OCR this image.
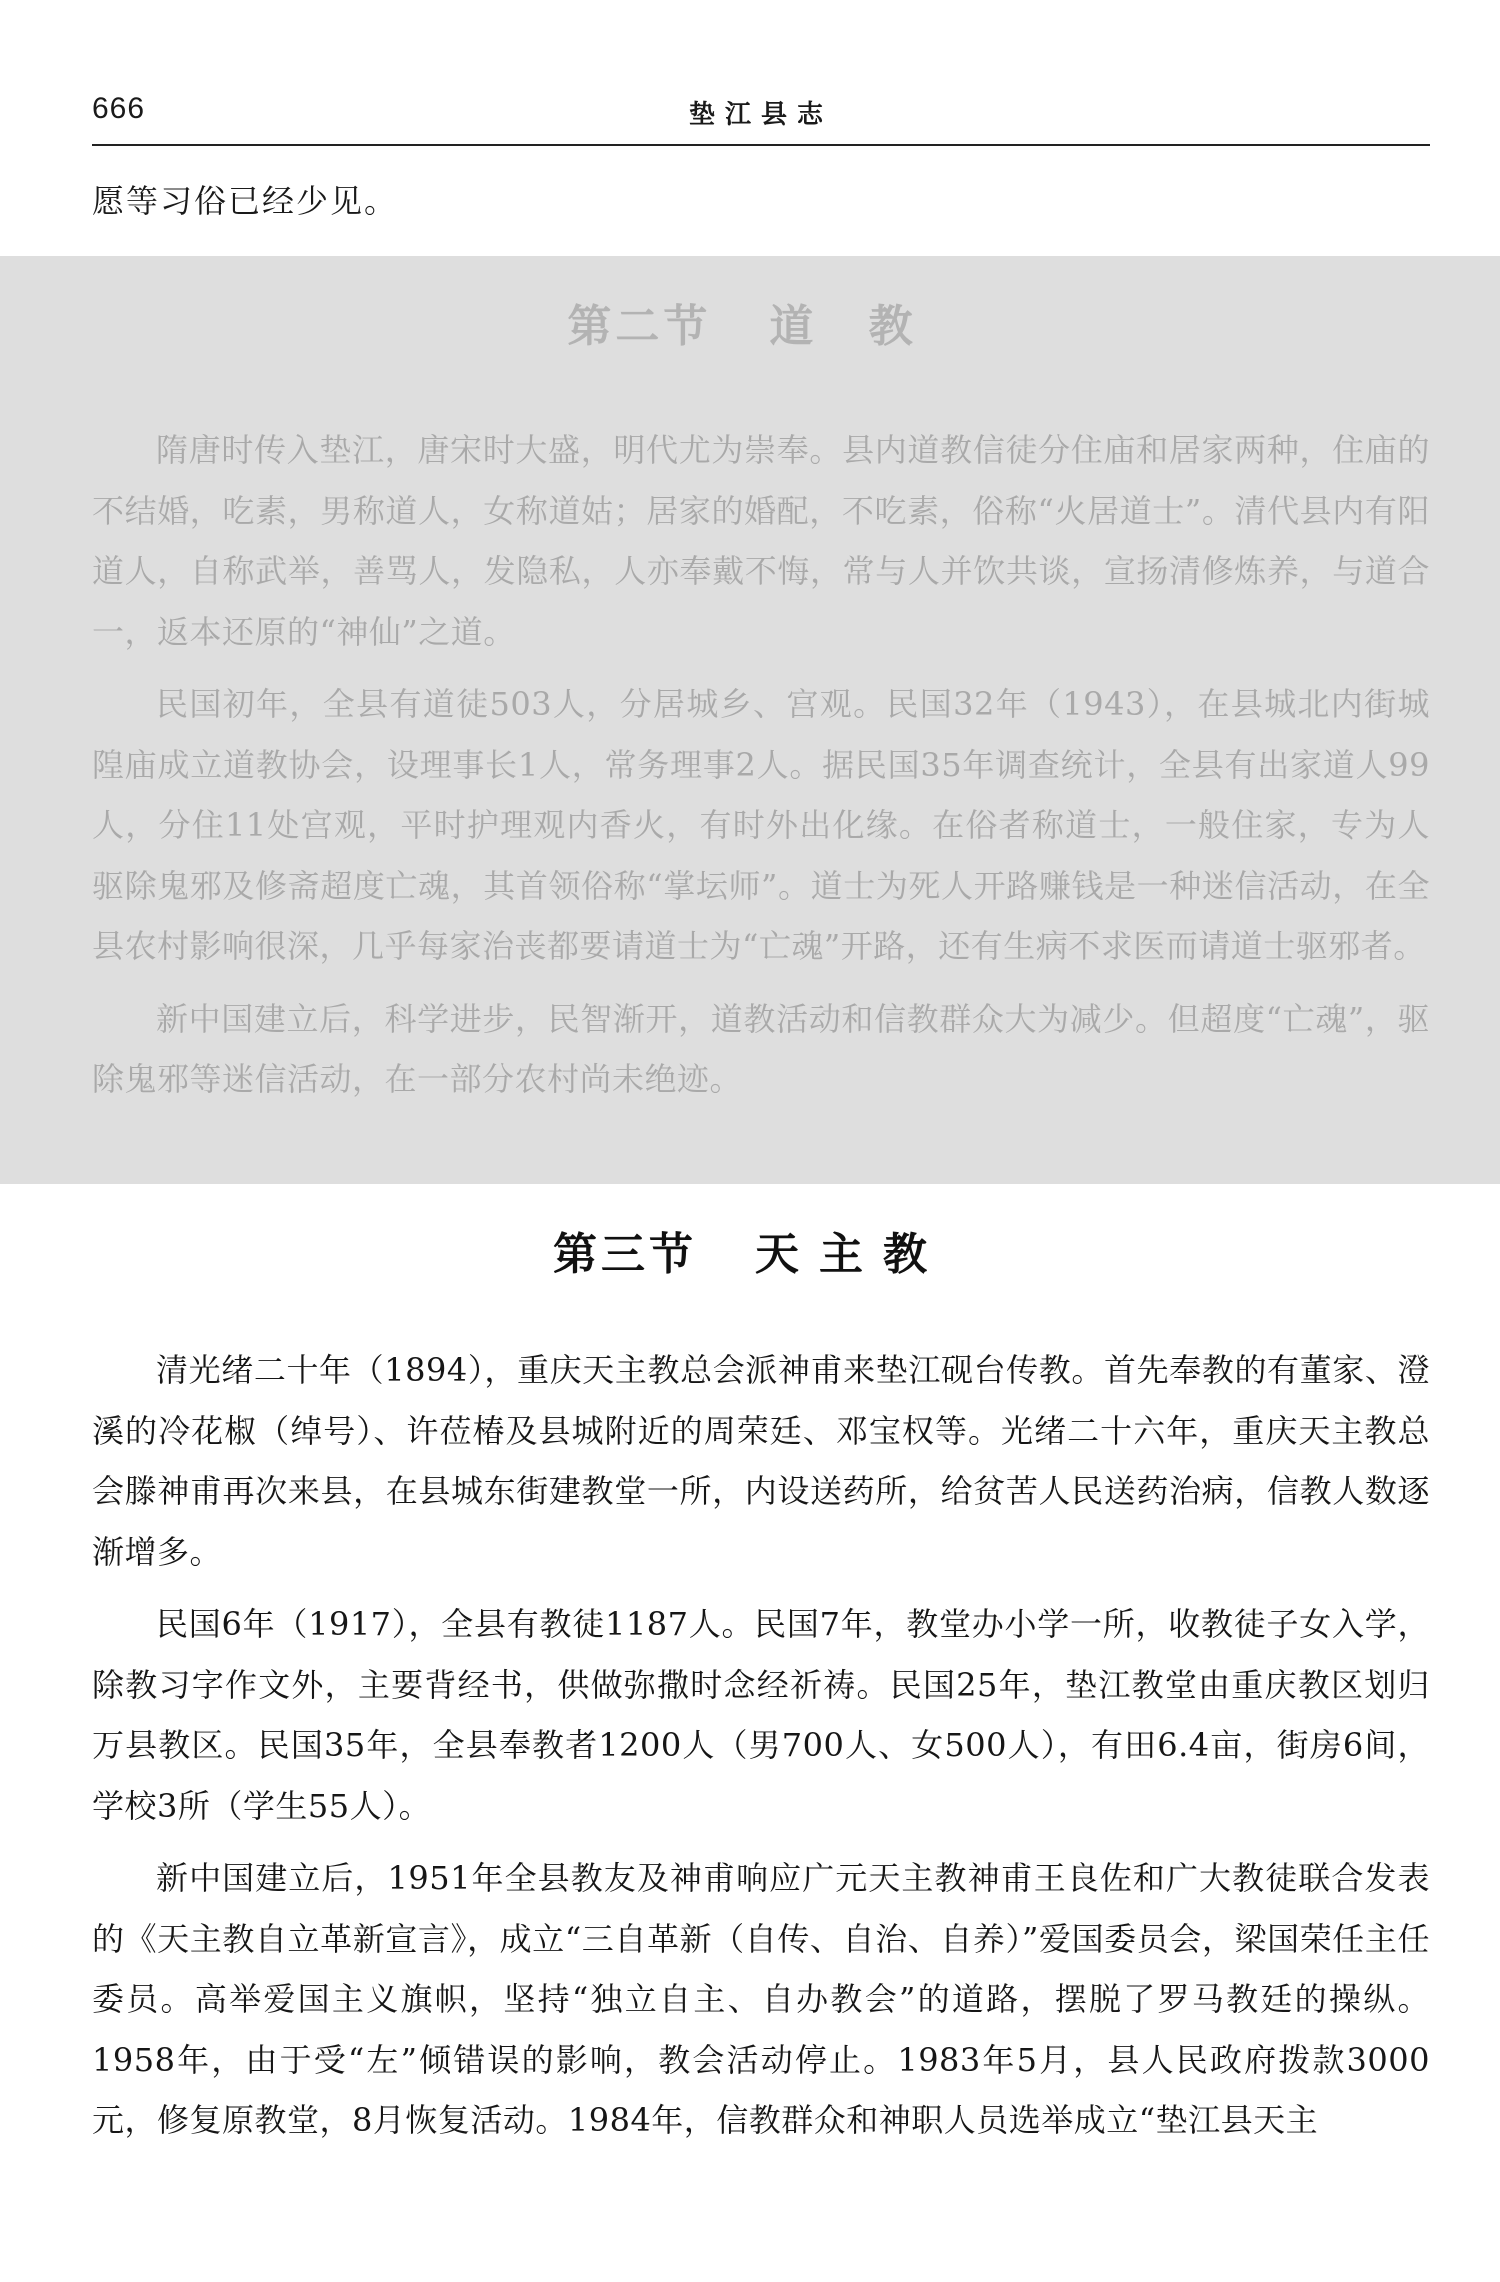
666	垫江县志
愿等习俗已经少见。
第二节 道 教

隋唐时传入垫江，唐宋时大盛，明代尤为崇奉。县内道教信徒分住庙和居家两种，住庙的不结婚，吃素，男称道人，女称道姑；居家的婚配，不吃素，俗称“火居道士”。清代县内有阳道人，自称武举，善骂人，发隐私，人亦奉戴不悔，常与人并饮共谈，宣扬清修炼养，与道合一，返本还原的“神仙”之道。

民国初年，全县有道徒503人，分居城乡、宫观。民国32年（1943），在县城北内街城隍庙成立道教协会，设理事长1人，常务理事2人。据民国35年调查统计，全县有出家道人99人，分住11处宫观，平时护理观内香火，有时外出化缘。在俗者称道士，一般住家，专为人驱除鬼邪及修斋超度亡魂，其首领俗称“掌坛师”。道士为死人开路赚钱是一种迷信活动，在全县农村影响很深，几乎每家治丧都要请道士为“亡魂”开路，还有生病不求医而请道士驱邪者。

新中国建立后，科学进步，民智渐开，道教活动和信教群众大为减少。但超度“亡魂”，驱除鬼邪等迷信活动，在一部分农村尚未绝迹。

第三节 天主教

清光绪二十年（1894），重庆天主教总会派神甫来垫江砚台传教。首先奉教的有董家、澄溪的冷花椒（绰号）、许莅椿及县城附近的周荣廷、邓宝权等。光绪二十六年，重庆天主教总会滕神甫再次来县，在县城东街建教堂一所，内设送药所，给贫苦人民送药治病，信教人数逐渐增多。

民国6年（1917），全县有教徒1187人。民国7年，教堂办小学一所，收教徒子女入学，除教习字作文外，主要背经书，供做弥撒时念经祈祷。民国25年，垫江教堂由重庆教区划归万县教区。民国35年，全县奉教者1200人（男700人、女500人），有田6.4亩，街房6间，学校3所（学生55人）。

新中国建立后，1951年全县教友及神甫响应广元天主教神甫王良佐和广大教徒联合发表的《天主教自立革新宣言》，成立“三自革新（自传、自治、自养）”爱国委员会，梁国荣任主任委员。高举爱国主义旗帜，坚持“独立自主、自办教会”的道路，摆脱了罗马教廷的操纵。1958年，由于受“左”倾错误的影响，教会活动停止。1983年5月，县人民政府拨款3000元，修复原教堂，8月恢复活动。1984年，信教群众和神职人员选举成立“垫江县天主
